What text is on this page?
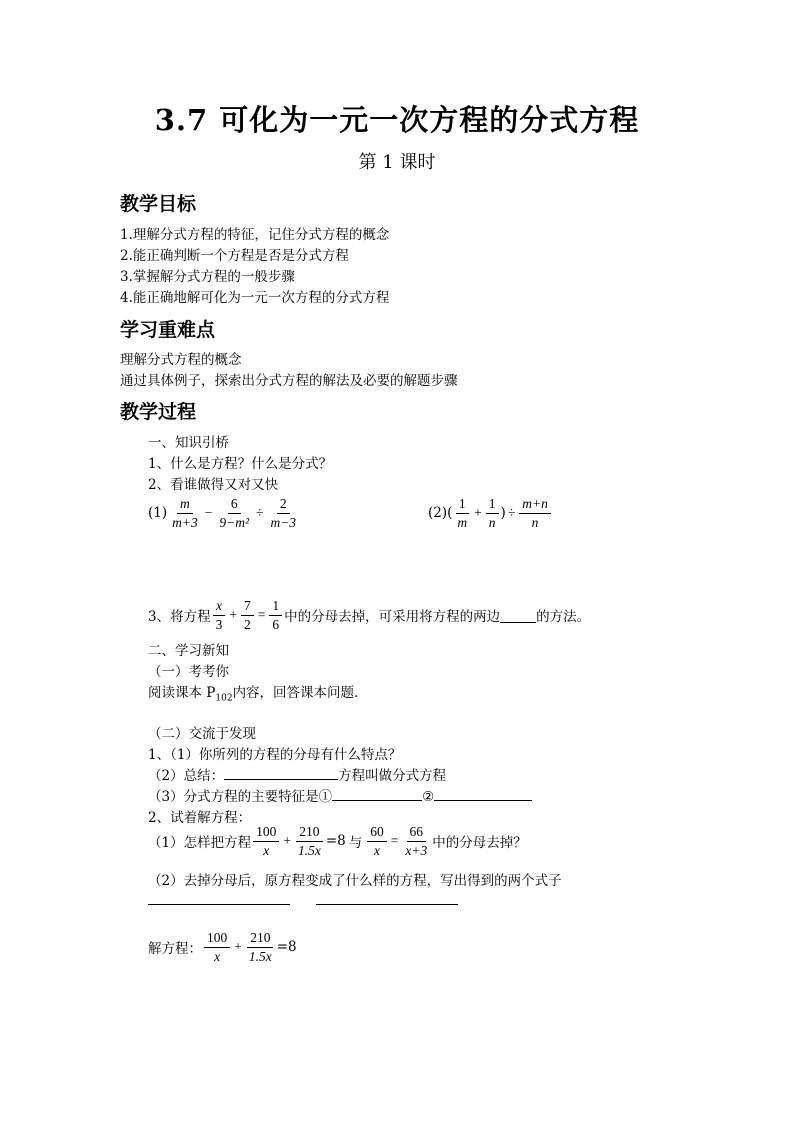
3.7 可化为一元一次方程的分式方程
第 1 课时
教学目标
1.理解分式方程的特征，记住分式方程的概念
2.能正确判断一个方程是否是分式方程
3.掌握解分式方程的一般步骤
4.能正确地解可化为一元一次方程的分式方程
学习重难点
理解分式方程的概念
通过具体例子，探索出分式方程的解法及必要的解题步骤
教学过程
一、知识引桥
1、什么是方程？什么是分式？
2、看谁做得又对又快
$(1) \frac{m}{m+3} - \frac{6}{\text{9−m²}} \div \frac{2}{m-3}$	(2) ( $\frac{1}{m} + \frac{1}{n}$ ) ÷ $\frac{m+n}{n}$
3、将方程 $\frac{x}{3} + \frac{7}{2} = \frac{1}{6}$ 中的分母去掉，可采用将方程的两边	的方法。
二、学习新知
（一）考考你
阅读课本 $P_{102}$内容，回答课本问题．
（二）交流于发现
1、（1）你所列的方程的分母有什么特点？
（2）总结：	方程叫做分式方程
（3）分式方程的主要特征是①	②
2、试着解方程：
（1）怎样把方程 $\frac{100}{x} + \frac{210}{1.5x} =8$ 与 $\frac{60}{x} = \frac{66}{x+3}$ 中的分母去掉？
（2）去掉分母后，原方程变成了什么样的方程，写出得到的两个式子
解方程： $\frac{100}{x} + \frac{210}{1.5x} =8$
